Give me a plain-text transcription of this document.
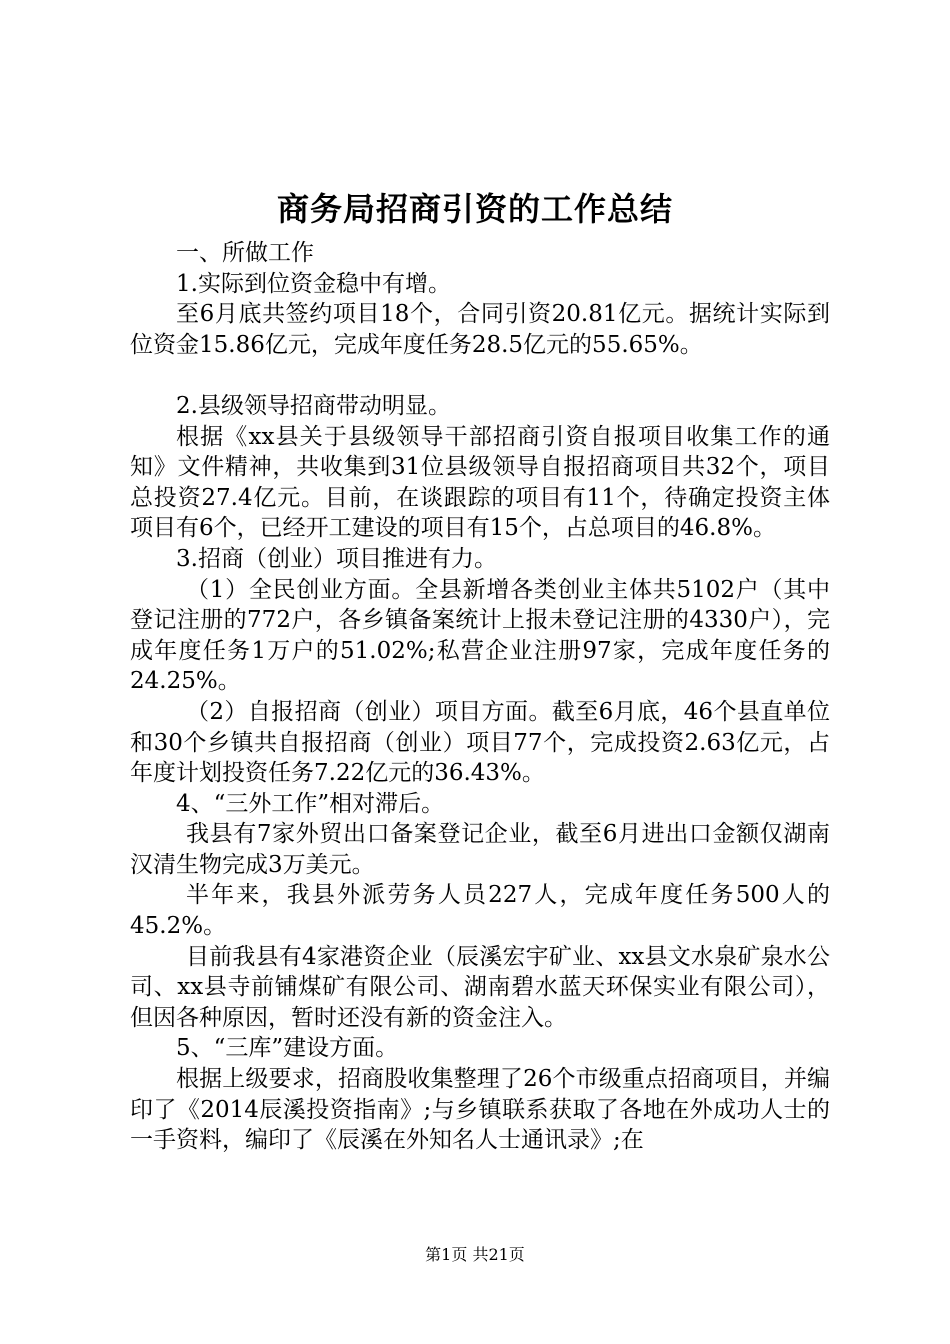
商务局招商引资的工作总结

一、所做工作

1.实际到位资金稳中有增。

至6月底共签约项目18个，合同引资20.81亿元。据统计实际到位资金15.86亿元，完成年度任务28.5亿元的55.65%。

2.县级领导招商带动明显。

根据《xx县关于县级领导干部招商引资自报项目收集工作的通知》文件精神，共收集到31位县级领导自报招商项目共32个，项目总投资27.4亿元。目前，在谈跟踪的项目有11个，待确定投资主体项目有6个，已经开工建设的项目有15个，占总项目的46.8%。

3.招商（创业）项目推进有力。

（1）全民创业方面。全县新增各类创业主体共5102户（其中登记注册的772户，各乡镇备案统计上报未登记注册的4330户），完成年度任务1万户的51.02%;私营企业注册97家，完成年度任务的24.25%。

（2）自报招商（创业）项目方面。截至6月底，46个县直单位和30个乡镇共自报招商（创业）项目77个，完成投资2.63亿元，占年度计划投资任务7.22亿元的36.43%。

4、“三外工作”相对滞后。

我县有7家外贸出口备案登记企业，截至6月进出口金额仅湖南汉清生物完成3万美元。

半年来，我县外派劳务人员227人，完成年度任务500人的45.2%。

目前我县有4家港资企业（辰溪宏宇矿业、xx县文水泉矿泉水公司、xx县寺前铺煤矿有限公司、湖南碧水蓝天环保实业有限公司），但因各种原因，暂时还没有新的资金注入。

5、“三库”建设方面。

根据上级要求，招商股收集整理了26个市级重点招商项目，并编印了《2014辰溪投资指南》;与乡镇联系获取了各地在外成功人士的一手资料，编印了《辰溪在外知名人士通讯录》;在

第1页 共21页
